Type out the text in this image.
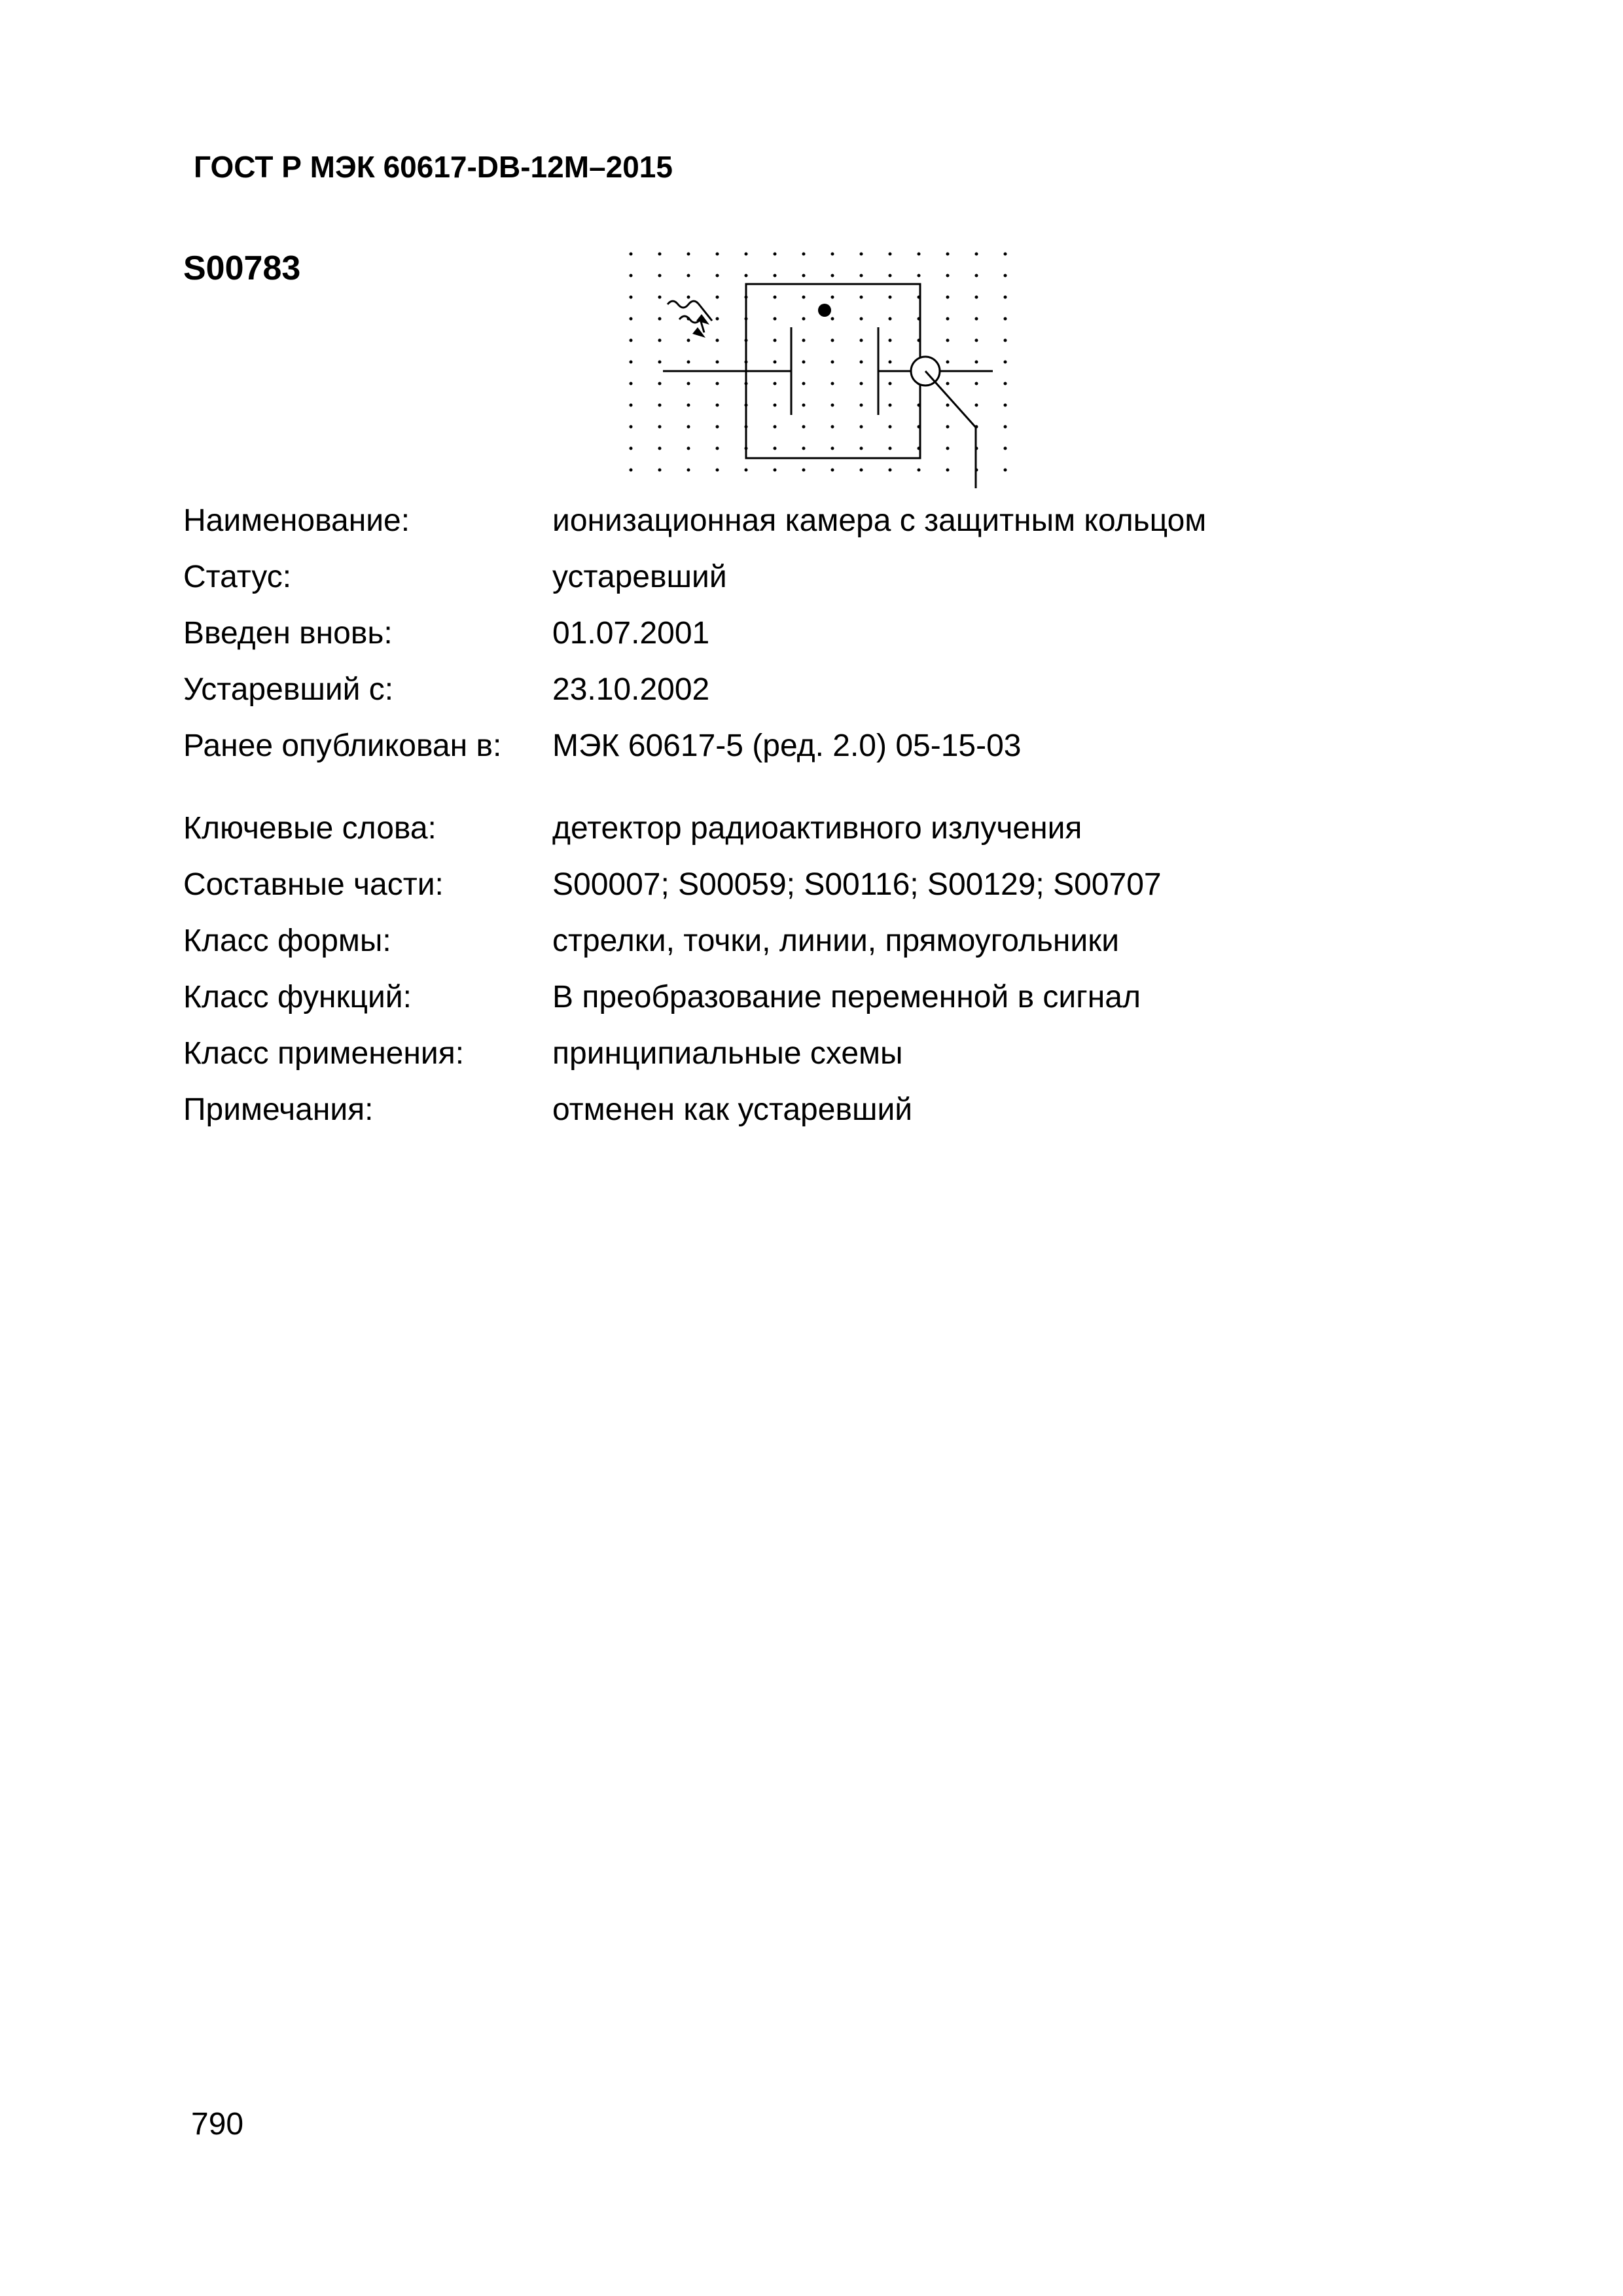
ГОСТ Р МЭК 60617-DB-12M–2015
S00783
Наименование:	ионизационная камера с защитным кольцом
Статус:	устаревший
Введен вновь:	01.07.2001
Устаревший с:	23.10.2002
Ранее опубликован в: МЭК 60617-5 (ред. 2.0) 05-15-03
Ключевые слова:	детектор радиоактивного излучения
Составные части:	S00007; S00059; S00116; S00129; S00707
Класс формы:	стрелки, точки, линии, прямоугольники
Класс функций:	В преобразование переменной в сигнал
Класс применения:	принципиальные схемы
Примечания:	отменен как устаревший
790
